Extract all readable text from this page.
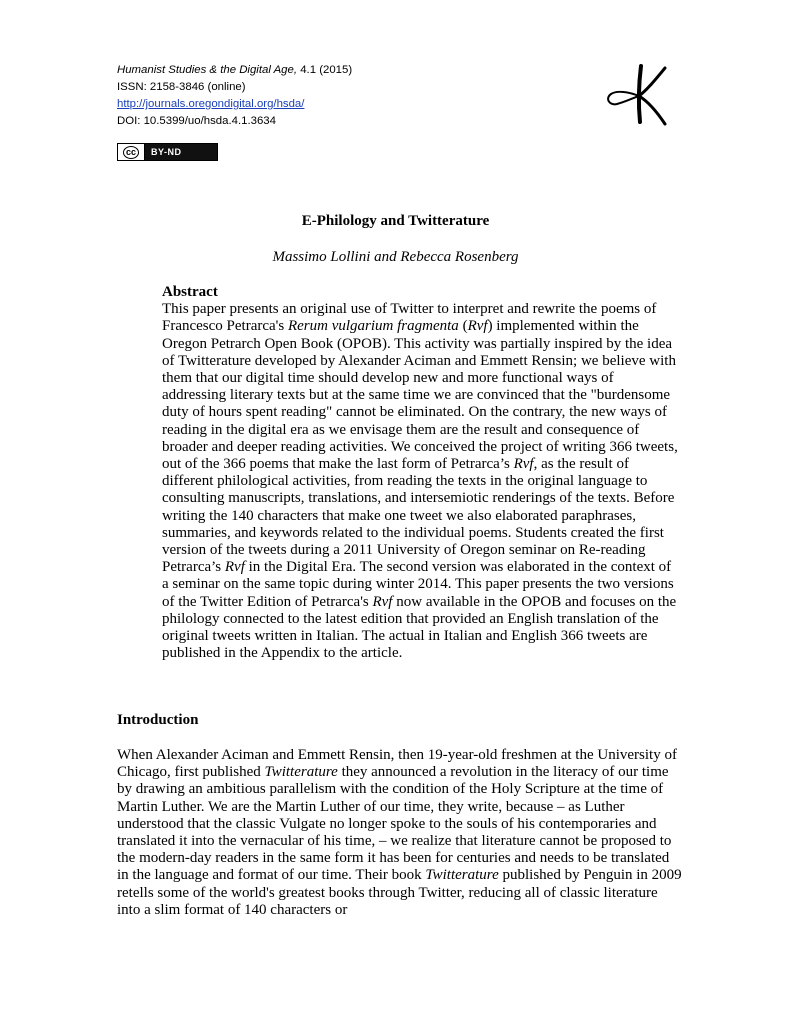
Humanist Studies & the Digital Age, 4.1 (2015)
ISSN: 2158-3846 (online)
http://journals.oregondigital.org/hsda/
DOI: 10.5399/uo/hsda.4.1.3634
cc	BY-ND
E-Philology and Twitterature
Massimo Lollini and Rebecca Rosenberg
Abstract

This paper presents an original use of Twitter to interpret and rewrite the poems of Francesco Petrarca's Rerum vulgarium fragmenta (Rvf) implemented within the Oregon Petrarch Open Book (OPOB). This activity was partially inspired by the idea of Twitterature developed by Alexander Aciman and Emmett Rensin; we believe with them that our digital time should develop new and more functional ways of addressing literary texts but at the same time we are convinced that the "burdensome duty of hours spent reading" cannot be eliminated. On the contrary, the new ways of reading in the digital era as we envisage them are the result and consequence of broader and deeper reading activities. We conceived the project of writing 366 tweets, out of the 366 poems that make the last form of Petrarca’s Rvf, as the result of different philological activities, from reading the texts in the original language to consulting manuscripts, translations, and intersemiotic renderings of the texts. Before writing the 140 characters that make one tweet we also elaborated paraphrases, summaries, and keywords related to the individual poems. Students created the first version of the tweets during a 2011 University of Oregon seminar on Re-reading Petrarca’s Rvf in the Digital Era. The second version was elaborated in the context of a seminar on the same topic during winter 2014. This paper presents the two versions of the Twitter Edition of Petrarca's Rvf now available in the OPOB and focuses on the philology connected to the latest edition that provided an English translation of the original tweets written in Italian. The actual in Italian and English 366 tweets are published in the Appendix to the article.

Introduction

When Alexander Aciman and Emmett Rensin, then 19-year-old freshmen at the University of Chicago, first published Twitterature they announced a revolution in the literacy of our time by drawing an ambitious parallelism with the condition of the Holy Scripture at the time of Martin Luther. We are the Martin Luther of our time, they write, because – as Luther understood that the classic Vulgate no longer spoke to the souls of his contemporaries and translated it into the vernacular of his time, – we realize that literature cannot be proposed to the modern-day readers in the same form it has been for centuries and needs to be translated in the language and format of our time. Their book Twitterature published by Penguin in 2009 retells some of the world's greatest books through Twitter, reducing all of classic literature into a slim format of 140 characters or
